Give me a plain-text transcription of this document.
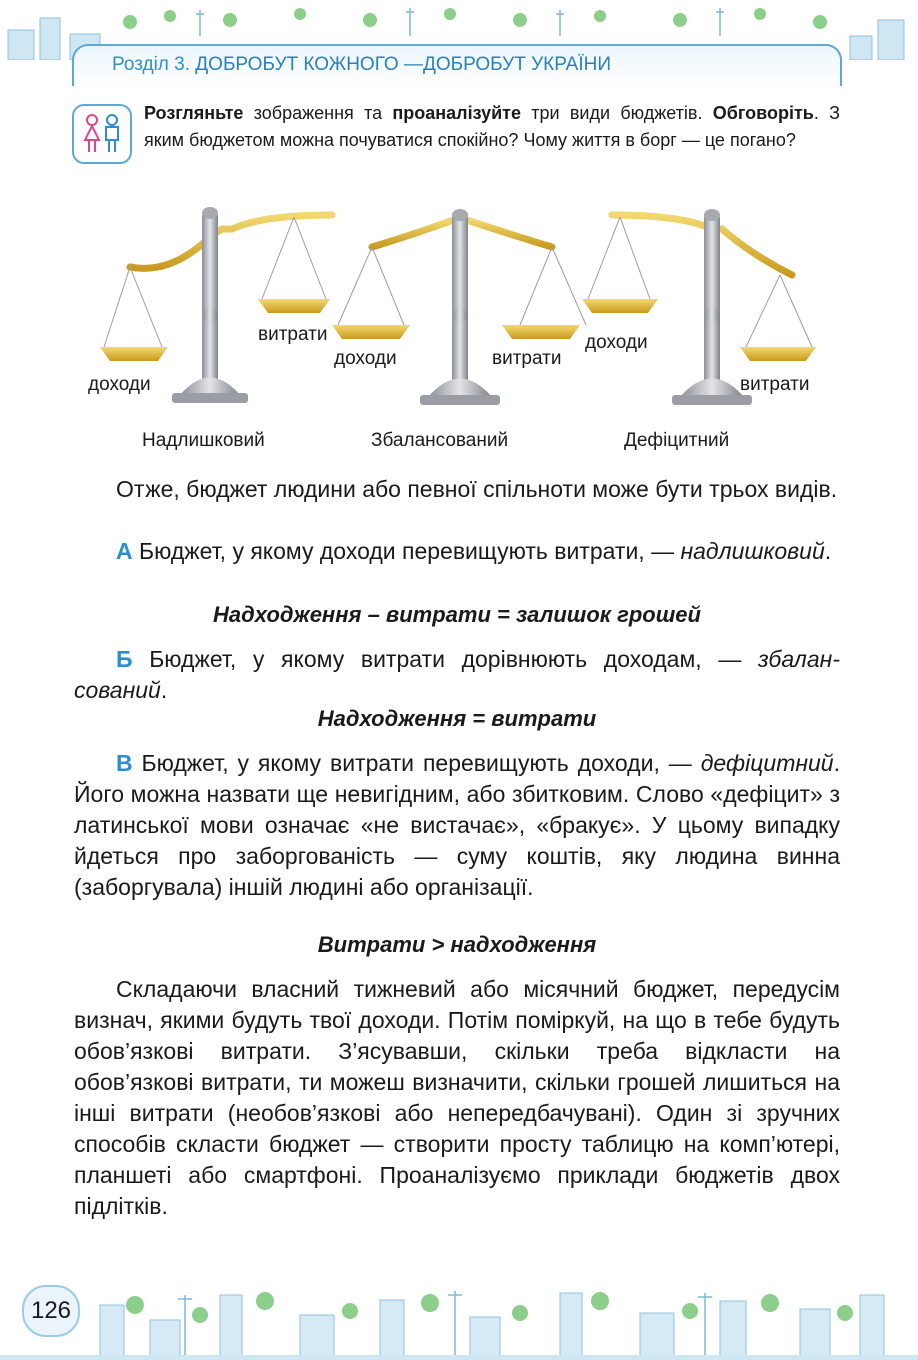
Розділ 3. ДОБРОБУТ КОЖНОГО —ДОБРОБУТ УКРАЇНИ
Розгляньте зображення та проаналізуйте три види бюджетів. Обговоріть. З яким бюджетом можна почуватися спокійно? Чому життя в борг — це погано?
доходи
витрати
доходи	витрати
доходи
витрати
Надлишковий	Збалансований	Дефіцитний
Отже, бюджет людини або певної спільноти може бути трьох видів.
А Бюджет, у якому доходи перевищують витрати, — надлишковий.
Надходження – витрати = залишок грошей
Б Бюджет, у якому витрати дорівнюють доходам, — збалансований.
Надходження = витрати
В Бюджет, у якому витрати перевищують доходи, — дефіцитний. Його можна назвати ще невигідним, або збитковим. Слово «дефіцит» з латинської мови означає «не вистачає», «бракує». У цьому випадку йдеться про заборгованість — суму коштів, яку людина винна (заборгувала) іншій людині або організації.
Витрати > надходження
Складаючи власний тижневий або місячний бюджет, передусім визнач, якими будуть твої доходи. Потім поміркуй, на що в тебе будуть обов’язкові витрати. З’ясувавши, скільки треба відкласти на обов’язкові витрати, ти можеш визначити, скільки грошей лишиться на інші витрати (необов’язкові або непередбачувані). Один зі зручних способів скласти бюджет — створити просту таблицю на комп’ютері, планшеті або смартфоні. Проаналізуємо приклади бюджетів двох підлітків.
126
